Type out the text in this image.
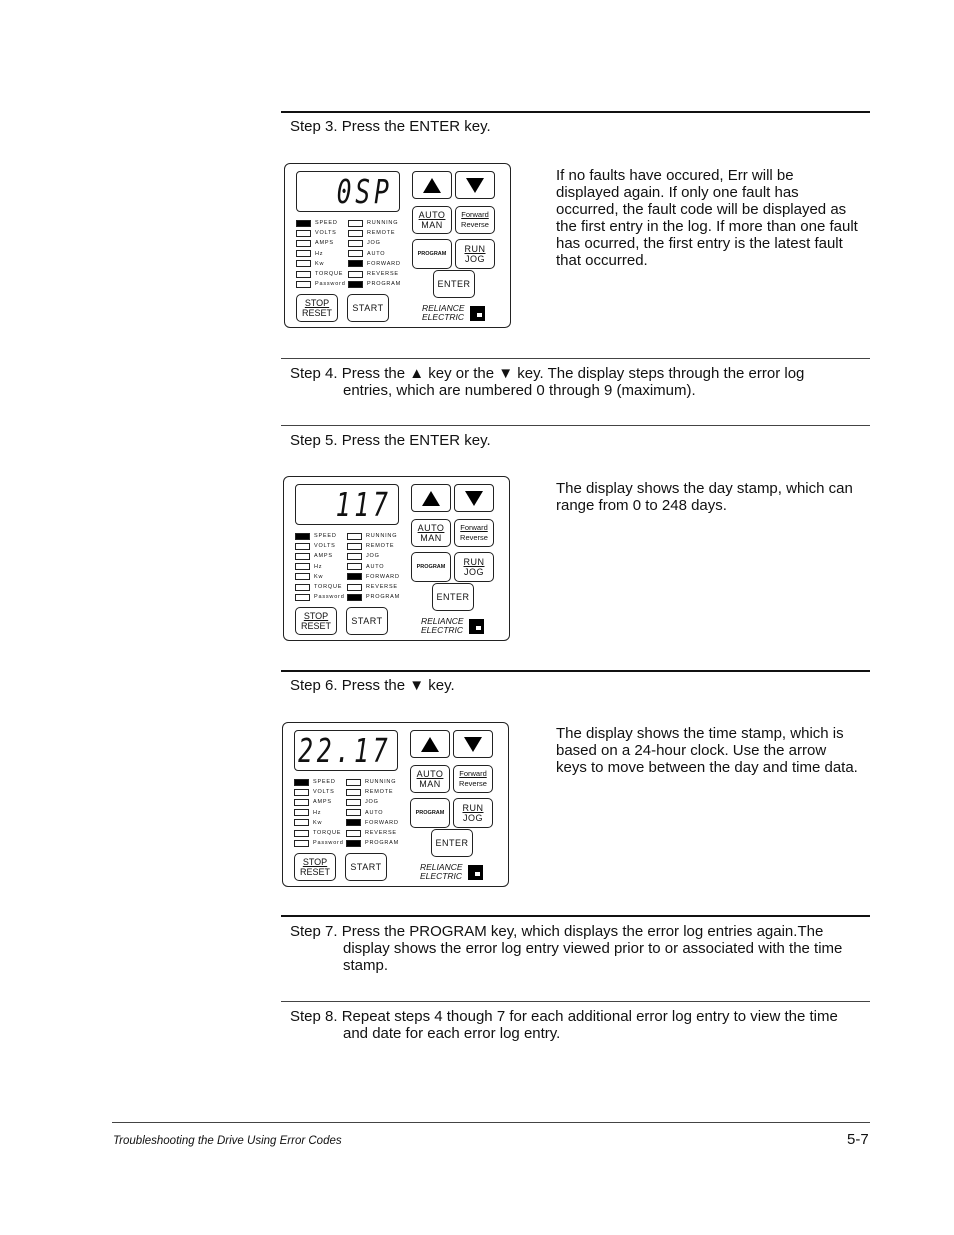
Step 3. Press the ENTER key.
0SP
AUTO
MAN
Forward
Reverse
PROGRAM RUN
JOG
ENTER
STOP
RESET START
SPEED
VOLTS
AMPS
Hz
Kw
TORQUE
Password
RUNNING
REMOTE
JOG
AUTO
FORWARD
REVERSE
PROGRAM
RELIANCE
ELECTRIC
If no faults have occured, Err will be displayed again. If only one fault has occurred, the fault code will be displayed as the first entry in the log. If more than one fault has ocurred, the first entry is the latest fault that occurred.
Step 4. Press the ▲ key or the ▼ key. The display steps through the error log
entries, which are numbered 0 through 9 (maximum).
Step 5. Press the ENTER key.
117
AUTO
MAN
Forward
Reverse
PROGRAM RUN
JOG
ENTER
STOP
RESET START
SPEED
VOLTS
AMPS
Hz
Kw
TORQUE
Password
RUNNING
REMOTE
JOG
AUTO
FORWARD
REVERSE
PROGRAM
RELIANCE
ELECTRIC
The display shows the day stamp, which can range from 0 to 248 days.
Step 6. Press the ▼ key.
22.17
AUTO
MAN
Forward
Reverse
PROGRAM RUN
JOG
ENTER
STOP
RESET START
SPEED
VOLTS
AMPS
Hz
Kw
TORQUE
Password
RUNNING
REMOTE
JOG
AUTO
FORWARD
REVERSE
PROGRAM
RELIANCE
ELECTRIC
The display shows the time stamp, which is based on a 24-hour clock. Use the arrow keys to move between the day and time data.
Step 7. Press the PROGRAM key, which displays the error log entries again.The
display shows the error log entry viewed prior to or associated with the time
stamp.
Step 8. Repeat steps 4 though 7 for each additional error log entry to view the time
and date for each error log entry.
Troubleshooting the Drive Using Error Codes	5-7
